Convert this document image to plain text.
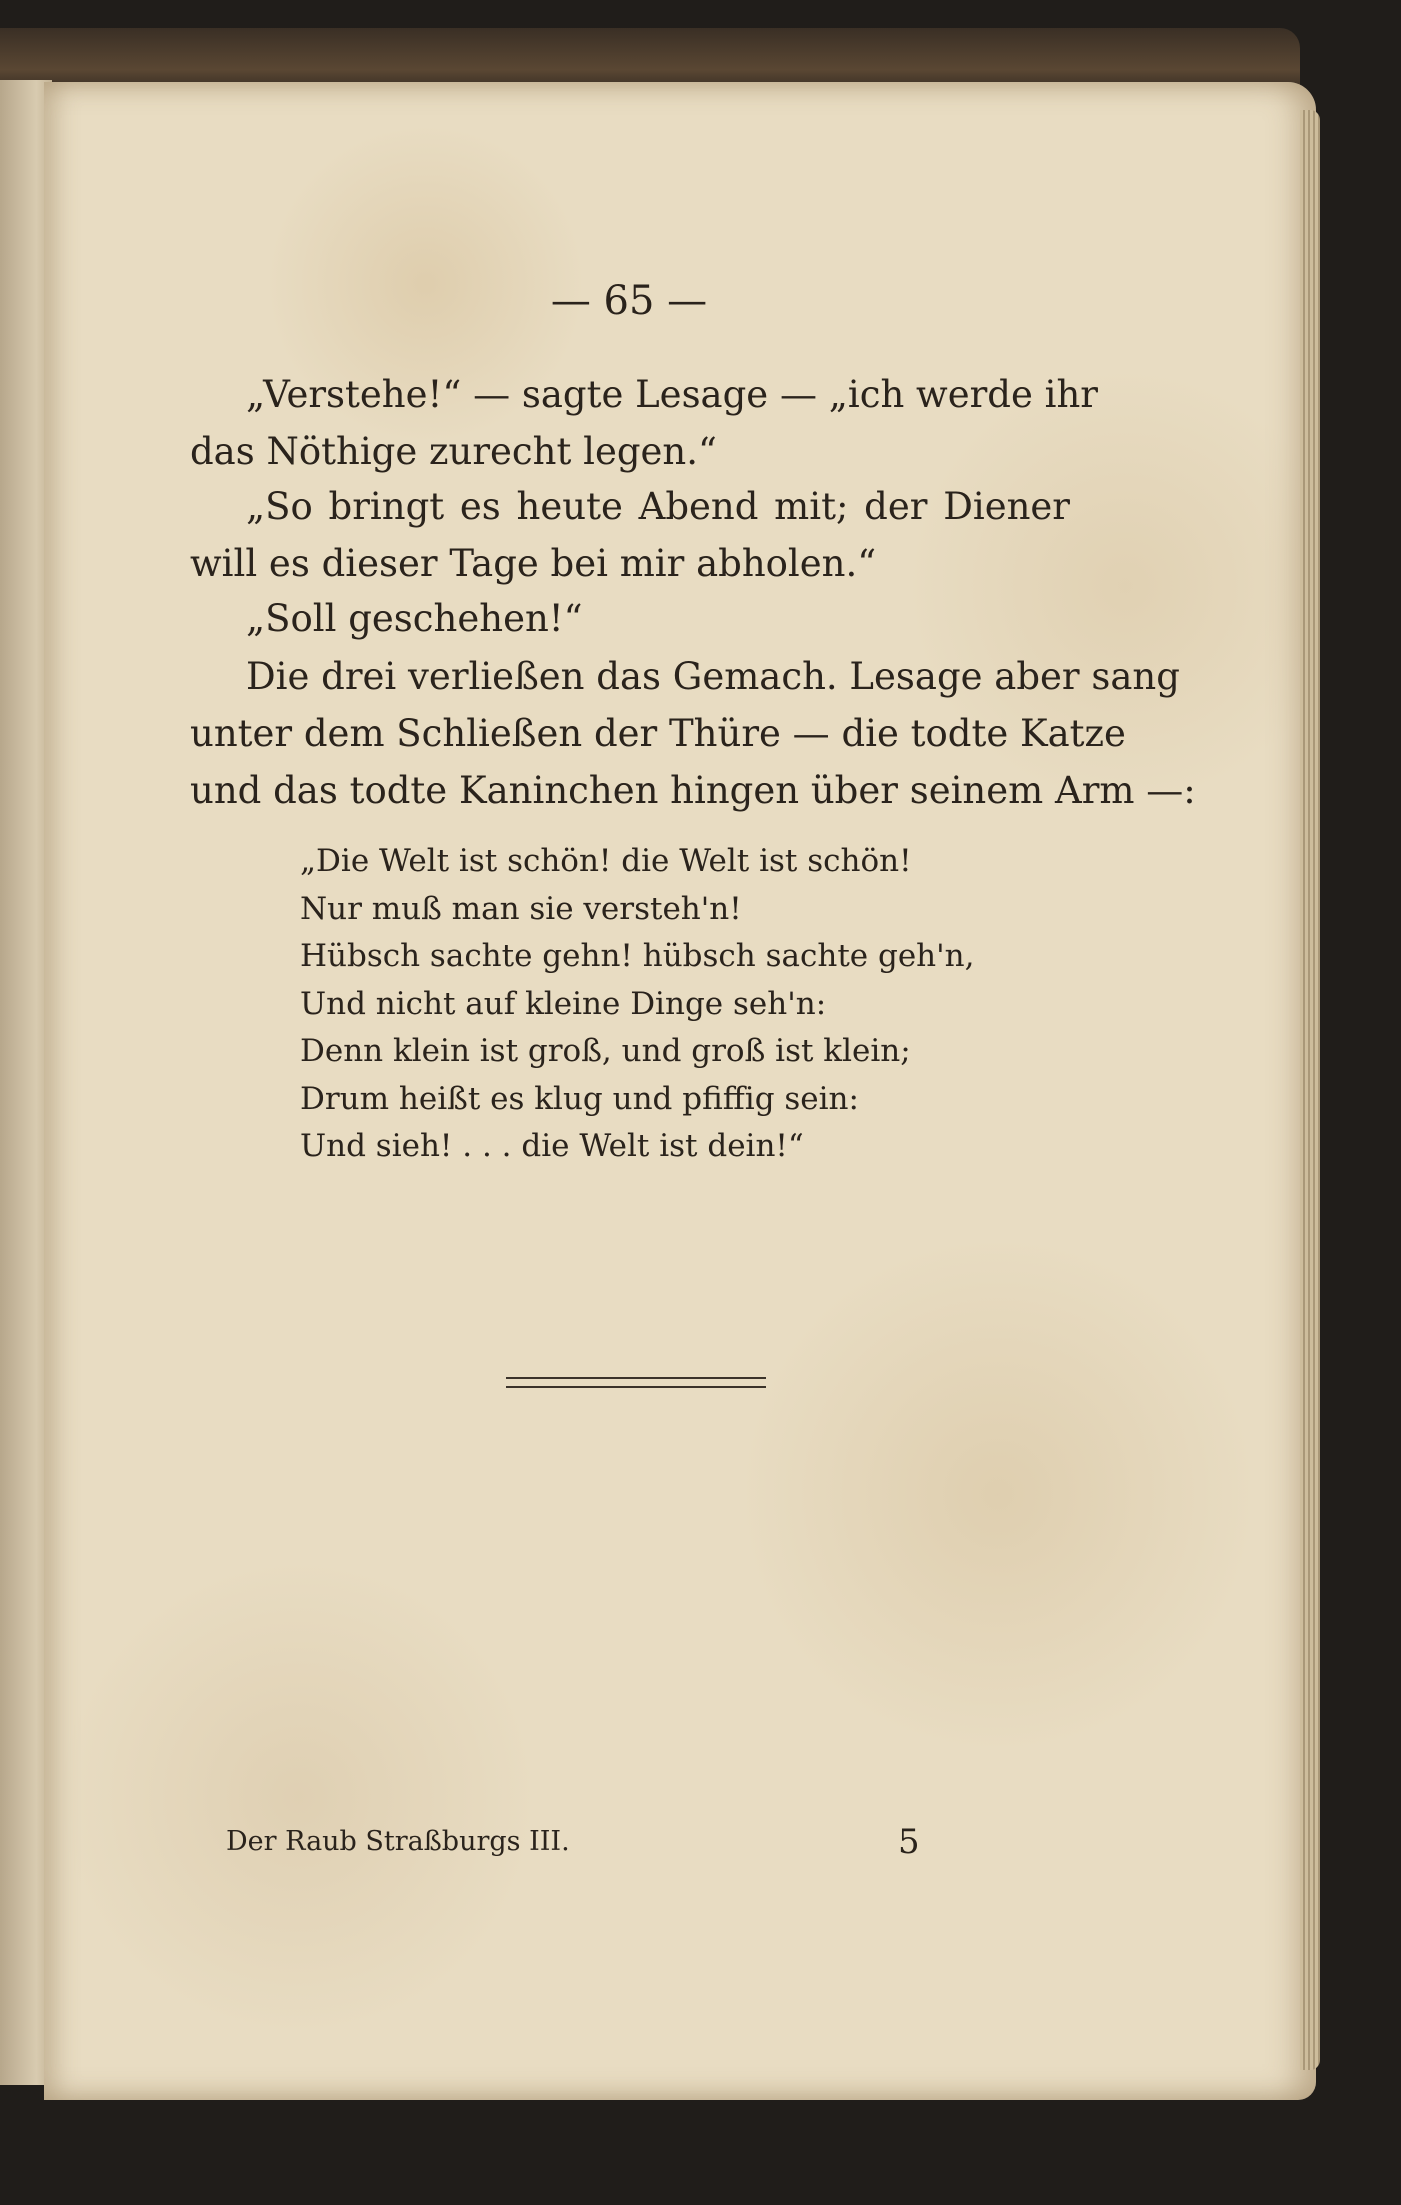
— 65 —
„Verstehe!“ — sagte Lesage — „ich werde ihr
das Nöthige zurecht legen.“
„So bringt es heute Abend mit; der Diener
will es dieser Tage bei mir abholen.“
„Soll geschehen!“
Die drei verließen das Gemach. Lesage aber sang
unter dem Schließen der Thüre — die todte Katze
und das todte Kaninchen hingen über seinem Arm —:
„Die Welt ist schön! die Welt ist schön!
Nur muß man sie versteh'n!
Hübsch sachte gehn! hübsch sachte geh'n,
Und nicht auf kleine Dinge seh'n:
Denn klein ist groß, und groß ist klein;
Drum heißt es klug und pfiffig sein:
Und sieh! . . . die Welt ist dein!“
Der Raub Straßburgs III.	5
